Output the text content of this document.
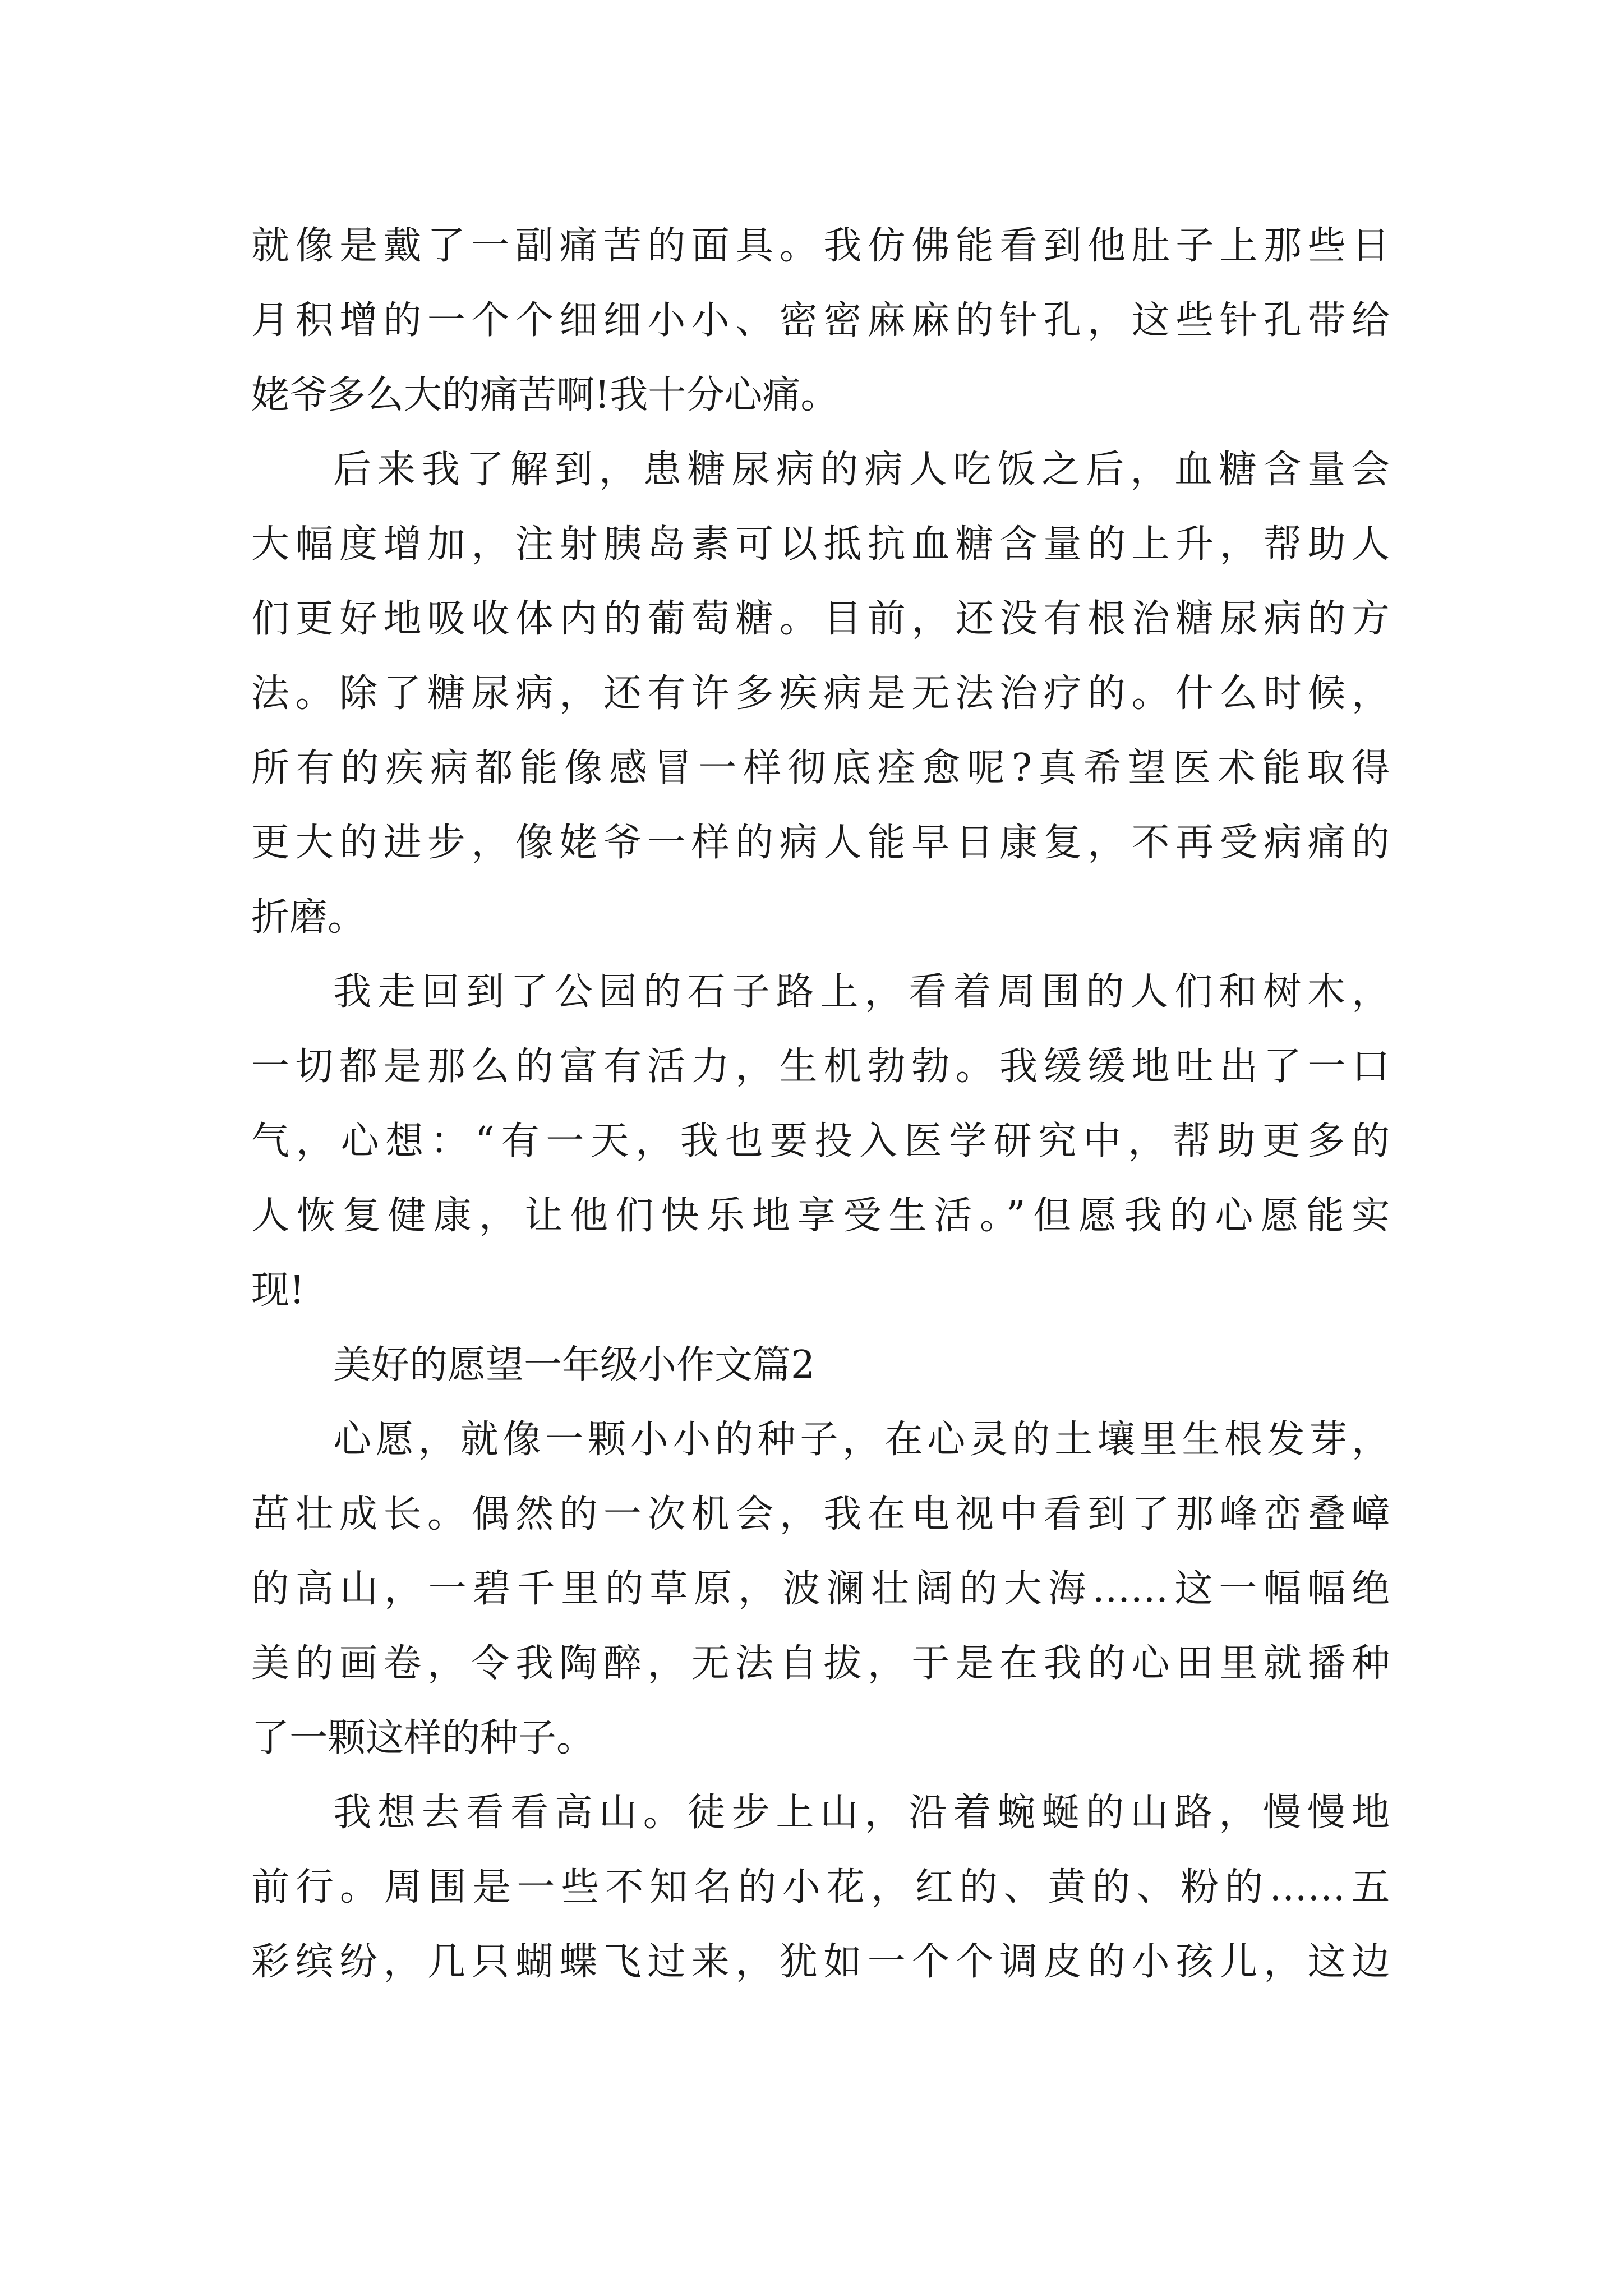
就像是戴了一副痛苦的面具。我仿佛能看到他肚子上那些日
月积增的一个个细细小小、密密麻麻的针孔，这些针孔带给
姥爷多么大的痛苦啊!我十分心痛。
后来我了解到，患糖尿病的病人吃饭之后，血糖含量会
大幅度增加，注射胰岛素可以抵抗血糖含量的上升，帮助人
们更好地吸收体内的葡萄糖。目前，还没有根治糖尿病的方
法。除了糖尿病，还有许多疾病是无法治疗的。什么时候，
所有的疾病都能像感冒一样彻底痊愈呢?真希望医术能取得
更大的进步，像姥爷一样的病人能早日康复，不再受病痛的
折磨。
我走回到了公园的石子路上，看着周围的人们和树木，
一切都是那么的富有活力，生机勃勃。我缓缓地吐出了一口
气，心想：“有一天，我也要投入医学研究中，帮助更多的
人恢复健康，让他们快乐地享受生活。”但愿我的心愿能实
现!
美好的愿望一年级小作文篇2
心愿，就像一颗小小的种子，在心灵的土壤里生根发芽，
茁壮成长。偶然的一次机会，我在电视中看到了那峰峦叠嶂
的高山，一碧千里的草原，波澜壮阔的大海……这一幅幅绝
美的画卷，令我陶醉，无法自拔，于是在我的心田里就播种
了一颗这样的种子。
我想去看看高山。徒步上山，沿着蜿蜒的山路，慢慢地
前行。周围是一些不知名的小花，红的、黄的、粉的……五
彩缤纷，几只蝴蝶飞过来，犹如一个个调皮的小孩儿，这边
